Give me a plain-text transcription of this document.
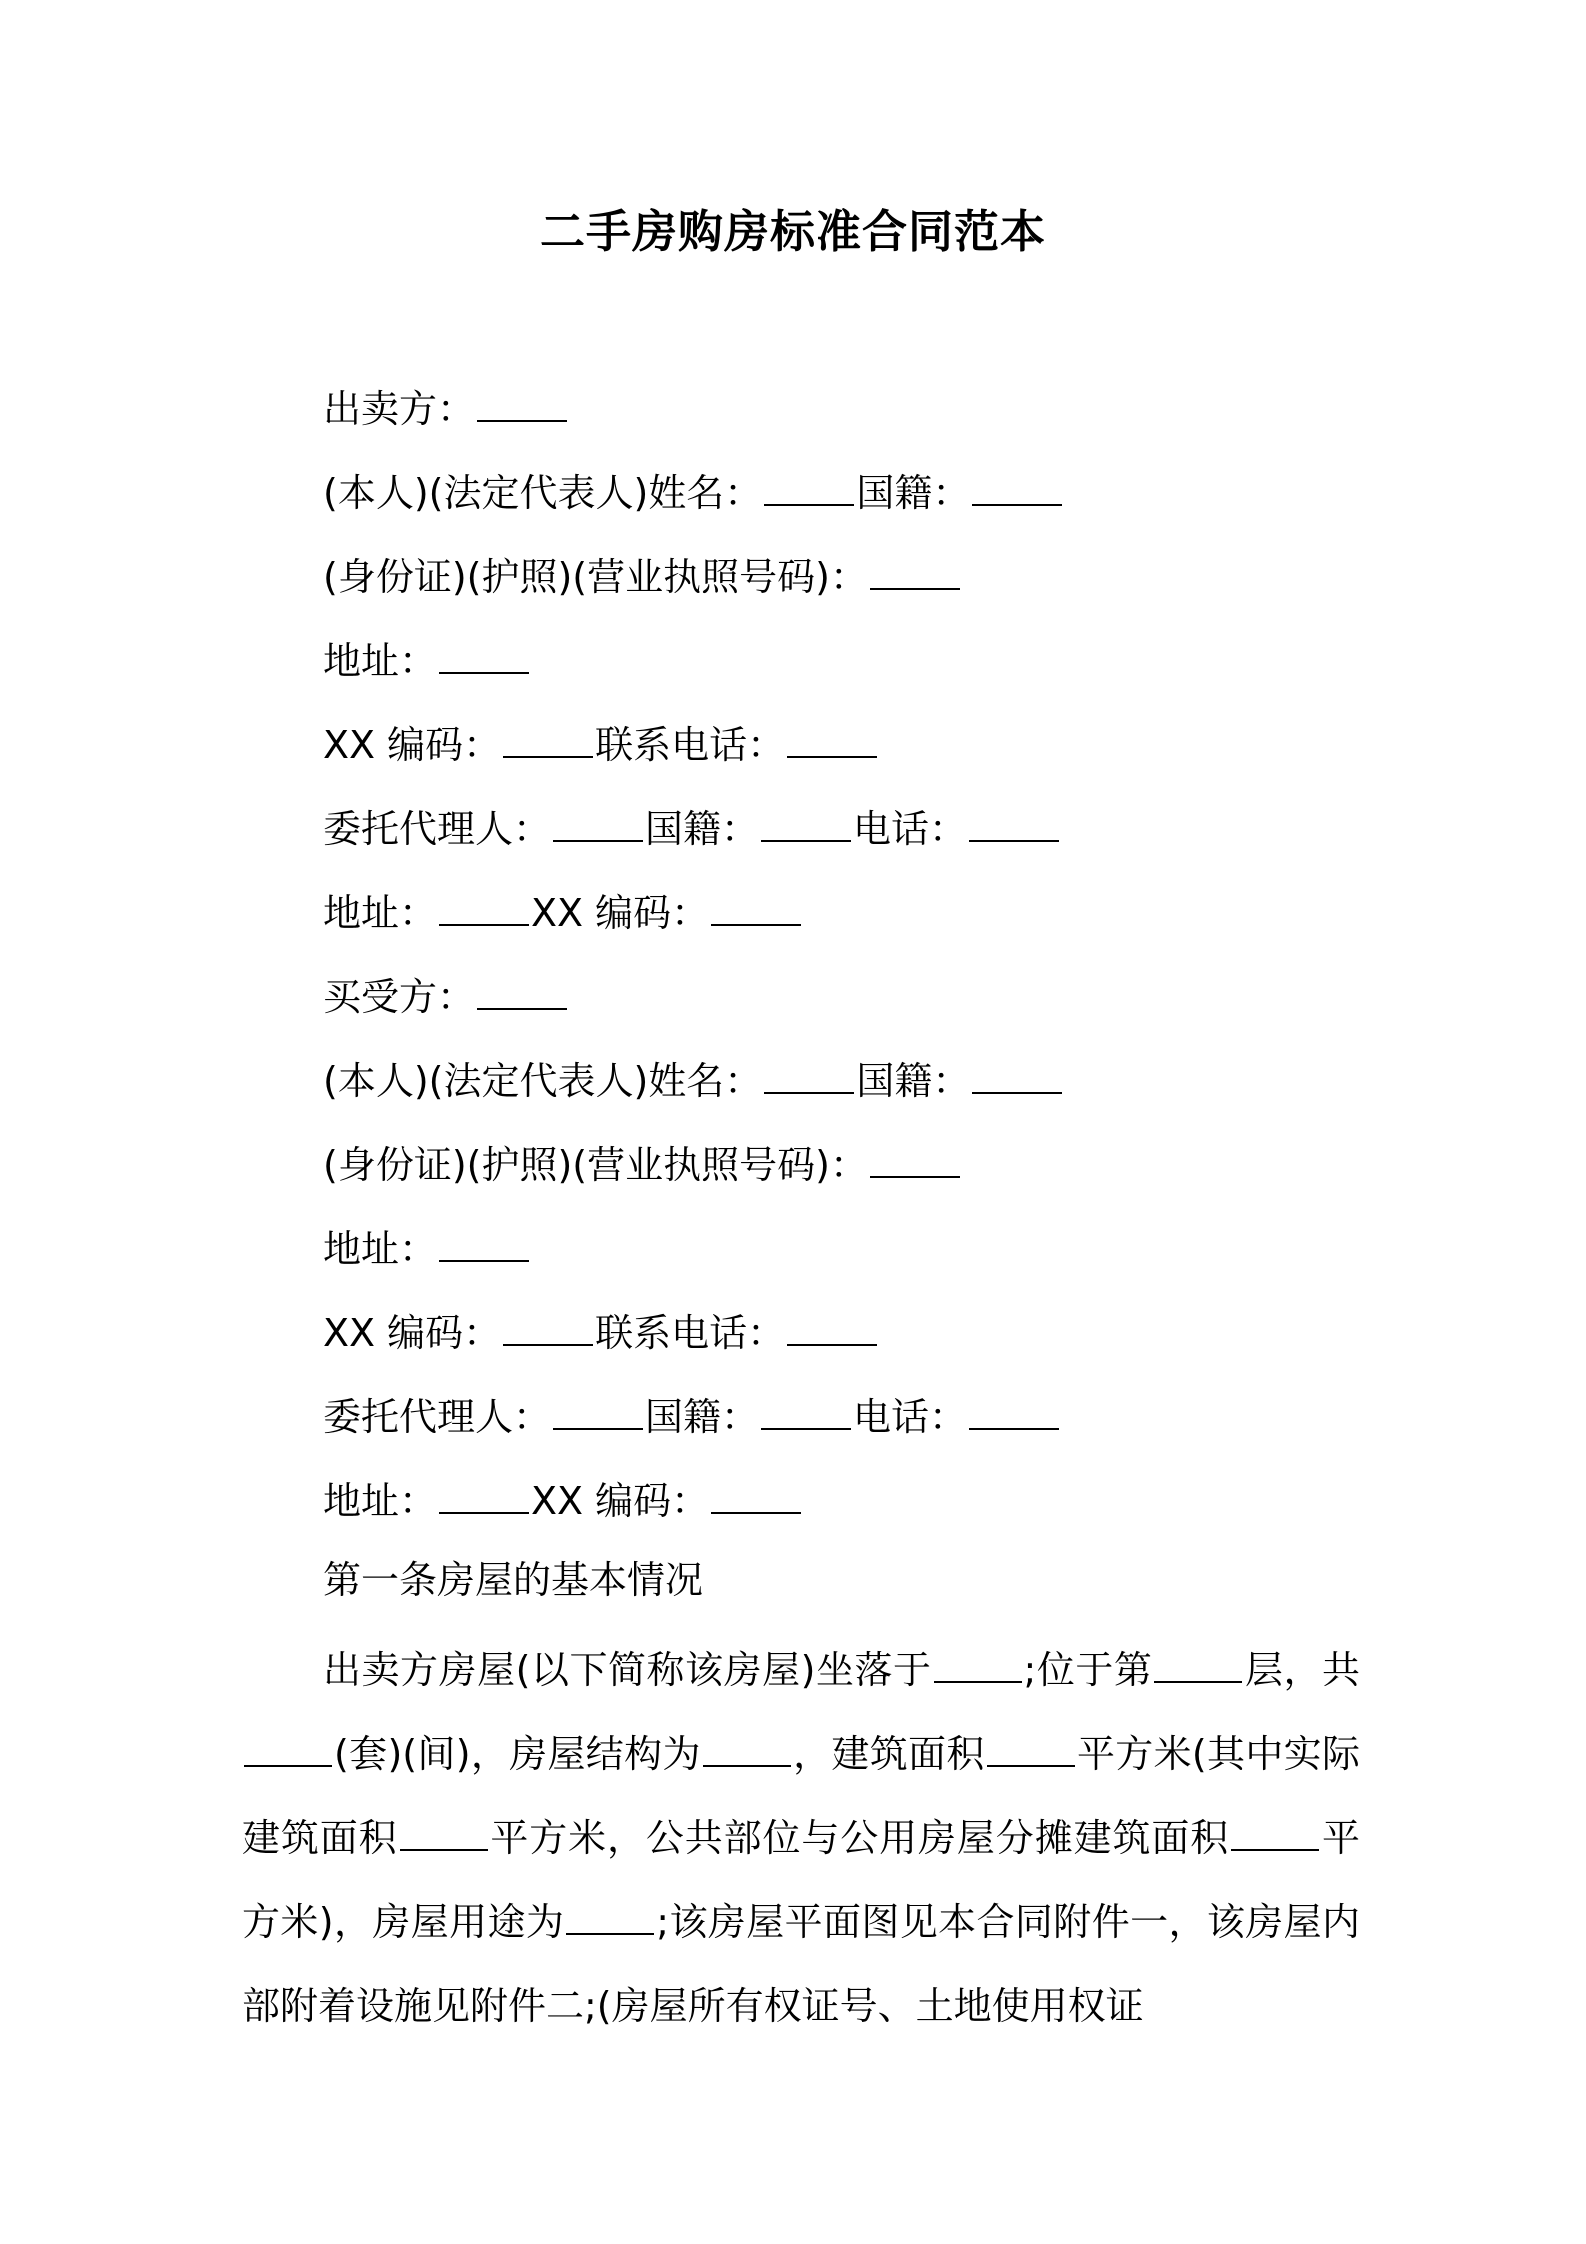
二手房购房标准合同范本
出卖方：
(本人)(法定代表人)姓名： 国籍：
(身份证)(护照)(营业执照号码)：
地址：
XX 编码： 联系电话：
委托代理人： 国籍： 电话：
地址： XX 编码：
买受方：
(本人)(法定代表人)姓名： 国籍：
(身份证)(护照)(营业执照号码)：
地址：
XX 编码： 联系电话：
委托代理人： 国籍： 电话：
地址： XX 编码：
第一条房屋的基本情况
出卖方房屋(以下简称该房屋)坐落于 ;位于第 层，共(套)(间)，房屋结构为 ，建筑面积 平方米(其中实际建筑面积 平方米，公共部位与公用房屋分摊建筑面积 平方米)，房屋用途为 ;该房屋平面图见本合同附件一，该房屋内部附着设施见附件二;(房屋所有权证号、土地使用权证
